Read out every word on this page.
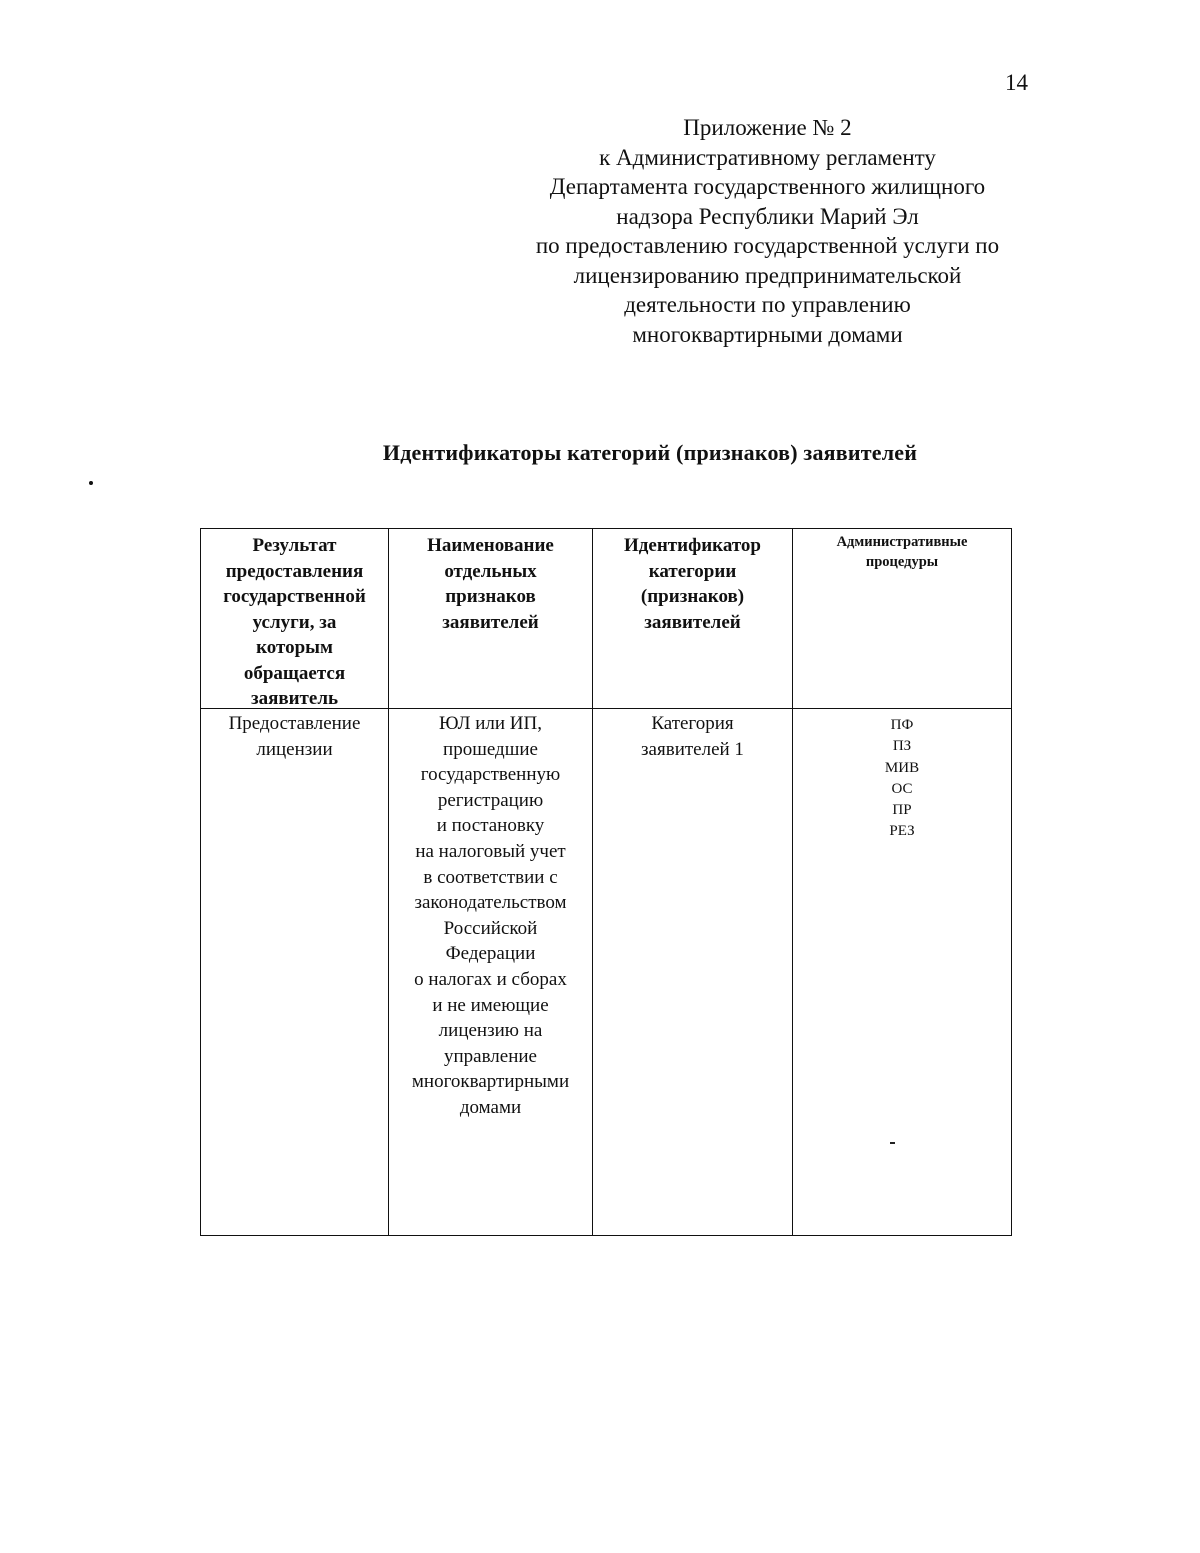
14
Приложение № 2
к Административному регламенту
Департамента государственного жилищного
надзора Республики Марий Эл
по предоставлению государственной услуги по
лицензированию предпринимательской
деятельности по управлению
многоквартирными домами
Идентификаторы категорий (признаков) заявителей
Результат
предоставления
государственной
услуги, за
которым
обращается
заявитель
Наименование
отдельных
признаков
заявителей
Идентификатор
категории
(признаков)
заявителей
Административные
процедуры
Предоставление
лицензии
ЮЛ или ИП,
прошедшие
государственную
регистрацию
и постановку
на налоговый учет
в соответствии с
законодательством
Российской
Федерации
о налогах и сборах
и не имеющие
лицензию на
управление
многоквартирными
домами
Категория
заявителей 1
ПФ
ПЗ
МИВ
ОС
ПР
РЕЗ
